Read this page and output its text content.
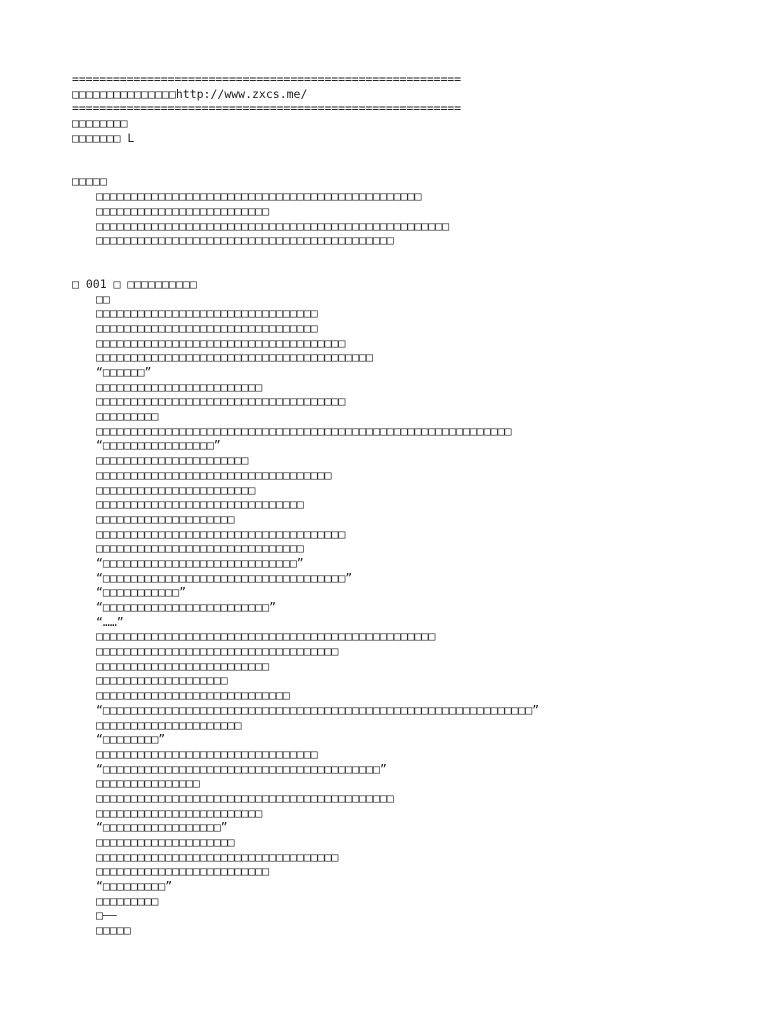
=========================================================
□□□□□□□□□□□□□□□http://www.zxcs.me/
=========================================================
□□□□□□□□
□□□□□□□ L
□□□□□
□□□□□□□□□□□□□□□□□□□□□□□□□□□□□□□□□□□□□□□□□□□□□□□
□□□□□□□□□□□□□□□□□□□□□□□□□
□□□□□□□□□□□□□□□□□□□□□□□□□□□□□□□□□□□□□□□□□□□□□□□□□□□
□□□□□□□□□□□□□□□□□□□□□□□□□□□□□□□□□□□□□□□□□□□
□ 001 □ □□□□□□□□□□
□□
□□□□□□□□□□□□□□□□□□□□□□□□□□□□□□□□
□□□□□□□□□□□□□□□□□□□□□□□□□□□□□□□□
□□□□□□□□□□□□□□□□□□□□□□□□□□□□□□□□□□□□
□□□□□□□□□□□□□□□□□□□□□□□□□□□□□□□□□□□□□□□□
“□□□□□□”
□□□□□□□□□□□□□□□□□□□□□□□□
□□□□□□□□□□□□□□□□□□□□□□□□□□□□□□□□□□□□
□□□□□□□□□
□□□□□□□□□□□□□□□□□□□□□□□□□□□□□□□□□□□□□□□□□□□□□□□□□□□□□□□□□□□□
“□□□□□□□□□□□□□□□□”
□□□□□□□□□□□□□□□□□□□□□□
□□□□□□□□□□□□□□□□□□□□□□□□□□□□□□□□□□
□□□□□□□□□□□□□□□□□□□□□□□
□□□□□□□□□□□□□□□□□□□□□□□□□□□□□□
□□□□□□□□□□□□□□□□□□□□
□□□□□□□□□□□□□□□□□□□□□□□□□□□□□□□□□□□□
□□□□□□□□□□□□□□□□□□□□□□□□□□□□□□
“□□□□□□□□□□□□□□□□□□□□□□□□□□□□”
“□□□□□□□□□□□□□□□□□□□□□□□□□□□□□□□□□□□”
“□□□□□□□□□□□”
“□□□□□□□□□□□□□□□□□□□□□□□□”
“……”
□□□□□□□□□□□□□□□□□□□□□□□□□□□□□□□□□□□□□□□□□□□□□□□□□
□□□□□□□□□□□□□□□□□□□□□□□□□□□□□□□□□□□
□□□□□□□□□□□□□□□□□□□□□□□□□
□□□□□□□□□□□□□□□□□□□
□□□□□□□□□□□□□□□□□□□□□□□□□□□□
“□□□□□□□□□□□□□□□□□□□□□□□□□□□□□□□□□□□□□□□□□□□□□□□□□□□□□□□□□□□□□□”
□□□□□□□□□□□□□□□□□□□□□
“□□□□□□□□”
□□□□□□□□□□□□□□□□□□□□□□□□□□□□□□□□
“□□□□□□□□□□□□□□□□□□□□□□□□□□□□□□□□□□□□□□□□”
□□□□□□□□□□□□□□□
□□□□□□□□□□□□□□□□□□□□□□□□□□□□□□□□□□□□□□□□□□□
□□□□□□□□□□□□□□□□□□□□□□□□
“□□□□□□□□□□□□□□□□□”
□□□□□□□□□□□□□□□□□□□□
□□□□□□□□□□□□□□□□□□□□□□□□□□□□□□□□□□□
□□□□□□□□□□□□□□□□□□□□□□□□□
“□□□□□□□□□”
□□□□□□□□□
□——
□□□□□
